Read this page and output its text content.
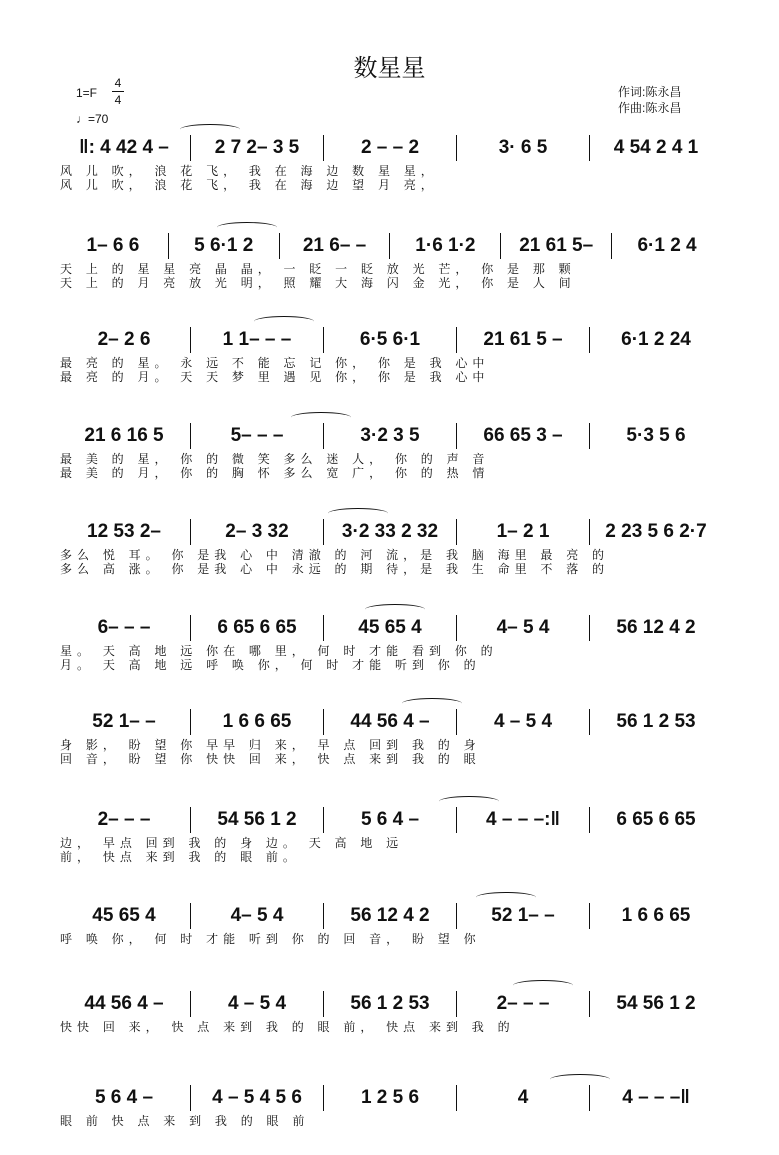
数星星
1=F
4
4
♩=70
作词:陈永昌
作曲:陈永昌
‖: 4 42 4 –	2 7 2– 3 5	2 – – 2	3· 6 5	4 54 2 4 1
风 儿 吹， 浪 花 飞， 我 在 海 边 数 星 星，
风 儿 吹， 浪 花 飞， 我 在 海 边 望 月 亮，
1– 6 6	5 6·1 2	21 6– –	1·6 1·2	21 61 5–	6·1 2 4
天 上 的 星 星 亮 晶 晶， 一 眨 一 眨 放 光 芒， 你 是 那 颗
天 上 的 月 亮 放 光 明， 照 耀 大 海 闪 金 光， 你 是 人 间
2– 2 6	1 1– – –	6·5 6·1	21 61 5 –	6·1 2 24
最 亮 的 星。 永 远 不 能 忘 记 你， 你 是 我 心中
最 亮 的 月。 天 天 梦 里 遇 见 你， 你 是 我 心中
21 6 16 5	5– – –	3·2 3 5	66 65 3 –	5·3 5 6
最 美 的 星， 你 的 微 笑 多么 迷 人， 你 的 声 音
最 美 的 月， 你 的 胸 怀 多么 宽 广， 你 的 热 情
12 53 2–	2– 3 32	3·2 33 2 32	1– 2 1	2 23 5 6 2·7
多么 悦 耳。 你 是我 心 中 清澈 的 河 流，是 我 脑 海里 最 亮 的
多么 高 涨。 你 是我 心 中 永远 的 期 待，是 我 生 命里 不 落 的
6– – –	6 65 6 65	45 65 4	4– 5 4	56 12 4 2
星。 天 高 地 远 你在 哪 里， 何 时 才能 看到 你 的
月。 天 高 地 远 呼 唤 你， 何 时 才能 听到 你 的
52 1– –	1 6 6 65	44 56 4 –	4 – 5 4	56 1 2 53
身 影， 盼 望 你 早早 归 来， 早 点 回到 我 的 身
回 音， 盼 望 你 快快 回 来， 快 点 来到 我 的 眼
2– – –	54 56 1 2	5 6 4 –	4 – – –:‖	6 65 6 65
边， 早点 回到 我 的 身 边。 天 高 地 远
前， 快点 来到 我 的 眼 前。
45 65 4	4– 5 4	56 12 4 2	52 1– –	1 6 6 65
呼 唤 你， 何 时 才能 听到 你 的 回 音， 盼 望 你
44 56 4 –	4 – 5 4	56 1 2 53	2– – –	54 56 1 2
快快 回 来， 快 点 来到 我 的 眼 前， 快点 来到 我 的
5 6 4 –	4 – 5 4 5 6	1 2 5 6	4	4 – – –‖
眼 前 快 点 来 到 我 的 眼 前
